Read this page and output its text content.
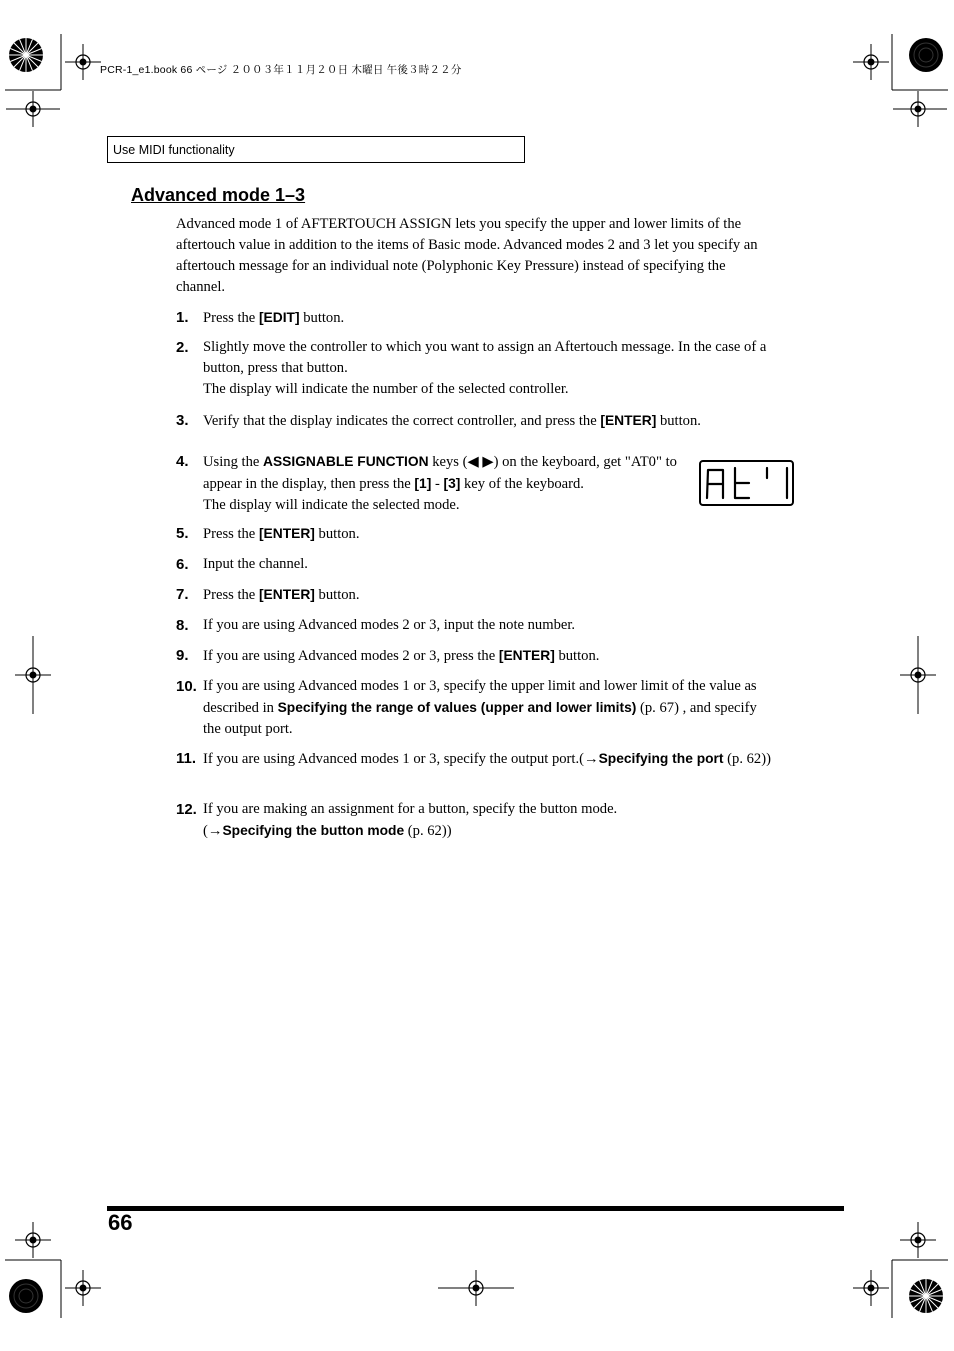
PCR-1_e1.book 66 ページ ２００３年１１月２０日 木曜日 午後３時２２分
Use MIDI functionality
Advanced mode 1–3
Advanced mode 1 of AFTERTOUCH ASSIGN lets you specify the upper and lower limits of the aftertouch value in addition to the items of Basic mode. Advanced modes 2 and 3 let you specify an aftertouch message for an individual note (Polyphonic Key Pressure) instead of specifying the channel.
1. Press the [EDIT] button.
2. Slightly move the controller to which you want to assign an Aftertouch message. In the case of a button, press that button.
The display will indicate the number of the selected controller.
3. Verify that the display indicates the correct controller, and press the [ENTER] button.
4. Using the ASSIGNABLE FUNCTION keys (◀ ▶) on the keyboard, get "AT0" to appear in the display, then press the [1] - [3] key of the keyboard.
The display will indicate the selected mode.
5. Press the [ENTER] button.
6. Input the channel.
7. Press the [ENTER] button.
8. If you are using Advanced modes 2 or 3, input the note number.
9. If you are using Advanced modes 2 or 3, press the [ENTER] button.
10. If you are using Advanced modes 1 or 3, specify the upper limit and lower limit of the value as described in Specifying the range of values (upper and lower limits) (p. 67) , and specify the output port.
11. If you are using Advanced modes 1 or 3, specify the output port.(→Specifying the port (p. 62))
12. If you are making an assignment for a button, specify the button mode.
(→Specifying the button mode (p. 62))
66
